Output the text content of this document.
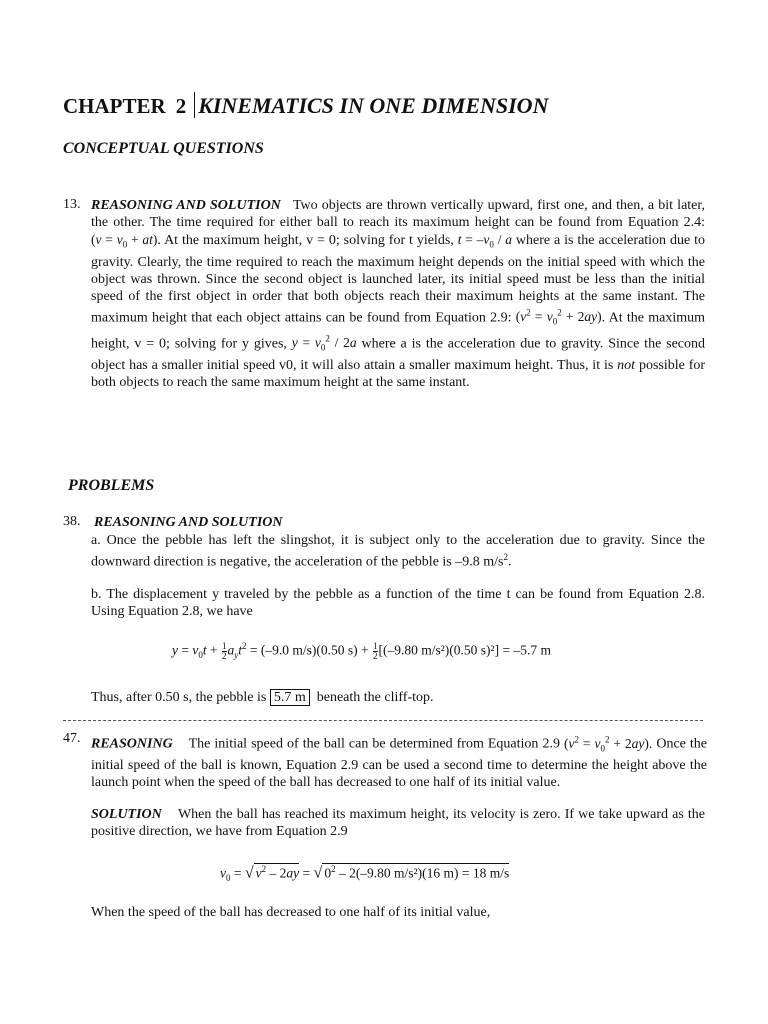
CHAPTER 2 KINEMATICS IN ONE DIMENSION
CONCEPTUAL QUESTIONS
13. REASONING AND SOLUTION Two objects are thrown vertically upward, first one, and then, a bit later, the other. The time required for either ball to reach its maximum height can be found from Equation 2.4: $(v = v_0 + at)$. At the maximum height, v = 0; solving for t yields, $t = -v_0 / a$ where a is the acceleration due to gravity. Clearly, the time required to reach the maximum height depends on the initial speed with which the object was thrown. Since the second object is launched later, its initial speed must be less than the initial speed of the first object in order that both objects reach their maximum heights at the same instant. The maximum height that each object attains can be found from Equation 2.9: $(v^2 = v_0^2 + 2ay)$. At the maximum height, v = 0; solving for y gives, $y = v_0^2 / 2a$ where a is the acceleration due to gravity. Since the second object has a smaller initial speed v0, it will also attain a smaller maximum height. Thus, it is not possible for both objects to reach the same maximum height at the same instant.
PROBLEMS
38. REASONING AND SOLUTION
a. Once the pebble has left the slingshot, it is subject only to the acceleration due to gravity. Since the downward direction is negative, the acceleration of the pebble is –9.8 $m/s^2$.
b. The displacement y traveled by the pebble as a function of the time t can be found from Equation 2.8. Using Equation 2.8, we have
$y = v_0t + \frac{1}{2} a_yt^2 = (-9.0$ m/s)(0.50 $s) + \frac{1}{2} [(-9.80$ m/s²)(0.50 s)²] = –5.7 m
Thus, after 0.50 s, the pebble is 5.7 m beneath the cliff-top.
47. REASONING The initial speed of the ball can be determined from Equation 2.9 $(v^2 = v_0^2 + 2ay)$. Once the initial speed of the ball is known, Equation 2.9 can be used a second time to determine the height above the launch point when the speed of the ball has decreased to one half of its initial value.
SOLUTION When the ball has reached its maximum height, its velocity is zero. If we take upward as the positive direction, we have from Equation 2.9
$v_0$ = √ $v^2 - 2ay$ = √ $0^2 - 2(-9.80$ m/s²)(16 m) = 18 m/s
When the speed of the ball has decreased to one half of its initial value,
